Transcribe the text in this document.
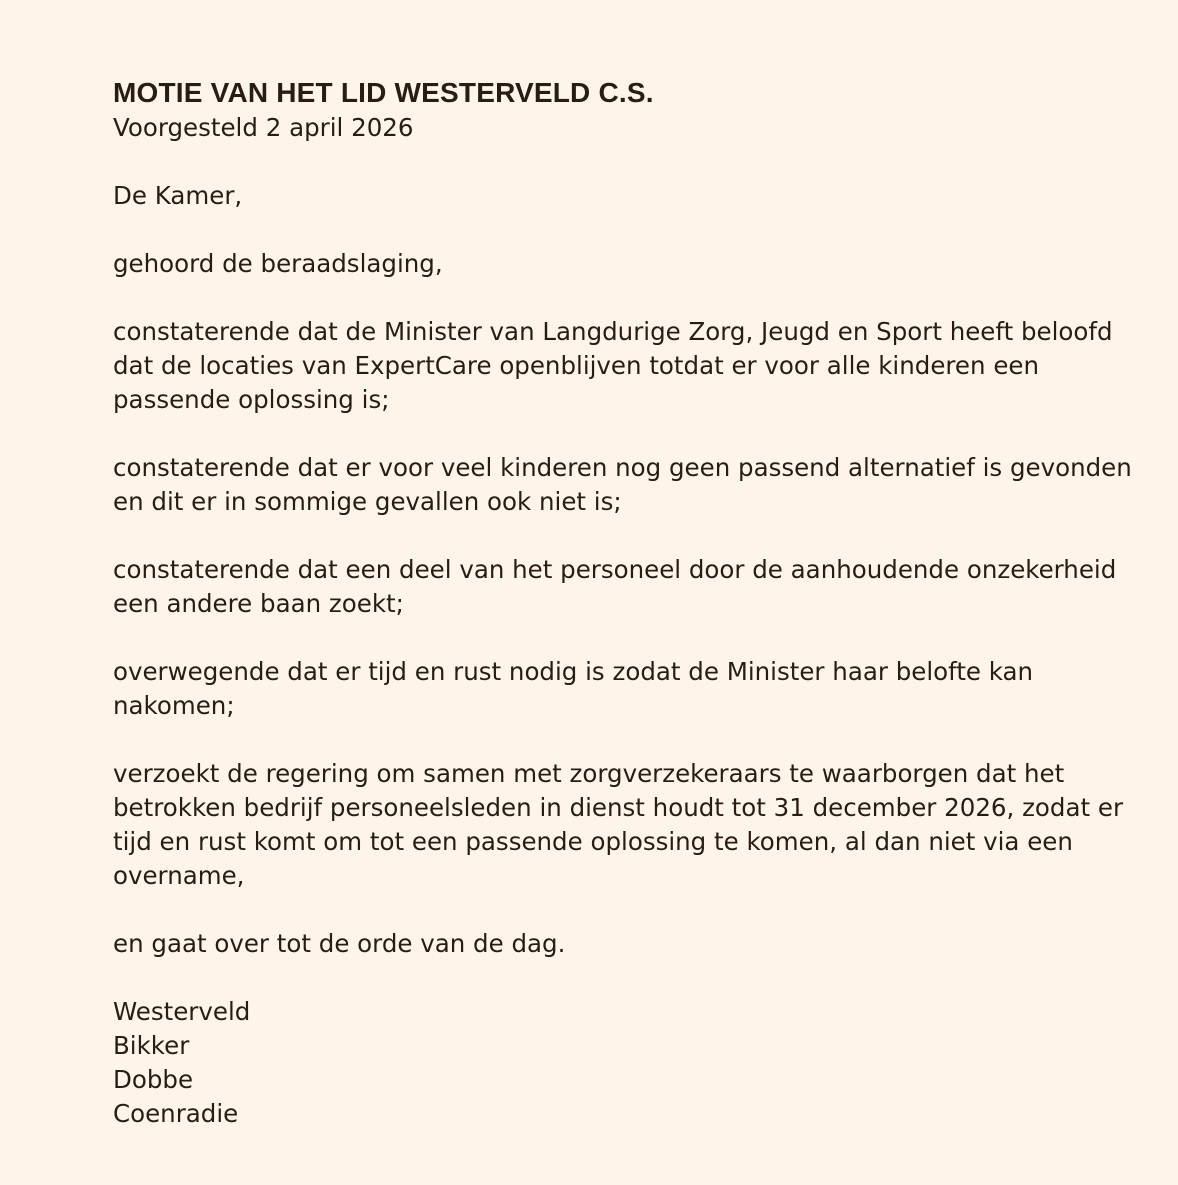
MOTIE VAN HET LID WESTERVELD C.S.
Voorgesteld 2 april 2026

De Kamer,

gehoord de beraadslaging,

constaterende dat de Minister van Langdurige Zorg, Jeugd en Sport heeft beloofd dat de locaties van ExpertCare openblijven totdat er voor alle kinderen een passende oplossing is;

constaterende dat er voor veel kinderen nog geen passend alternatief is gevonden en dit er in sommige gevallen ook niet is;

constaterende dat een deel van het personeel door de aanhoudende onzekerheid een andere baan zoekt;

overwegende dat er tijd en rust nodig is zodat de Minister haar belofte kan nakomen;

verzoekt de regering om samen met zorgverzekeraars te waarborgen dat het betrokken bedrijf personeelsleden in dienst houdt tot 31 december 2026, zodat er tijd en rust komt om tot een passende oplossing te komen, al dan niet via een overname,

en gaat over tot de orde van de dag.

Westerveld
Bikker
Dobbe
Coenradie
